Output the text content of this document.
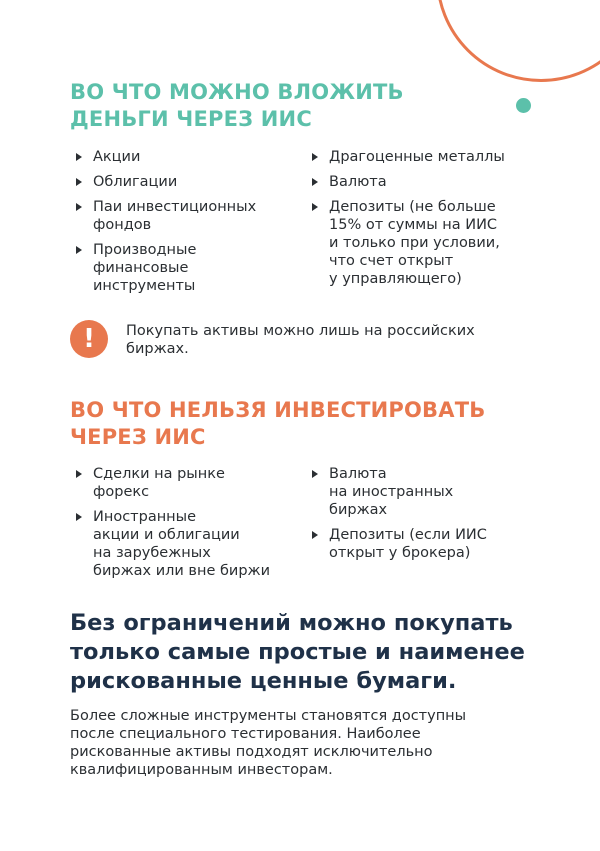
ВО ЧТО МОЖНО ВЛОЖИТЬ
ДЕНЬГИ ЧЕРЕЗ ИИС
Акции
Облигации
Паи инвестиционных
фондов
Производные
финансовые
инструменты
Драгоценные металлы
Валюта
Депозиты (не больше
15% от суммы на ИИС
и только при условии,
что счет открыт
у управляющего)
!	Покупать активы можно лишь на российских
биржах.

ВО ЧТО НЕЛЬЗЯ ИНВЕСТИРОВАТЬ
ЧЕРЕЗ ИИС
Сделки на рынке
форекс
Иностранные
акции и облигации
на зарубежных
биржах или вне биржи
Валюта
на иностранных
биржах
Депозиты (если ИИС
открыт у брокера)
Без ограничений можно покупать
только самые простые и наименее
рискованные ценные бумаги.

Более сложные инструменты становятся доступны
после специального тестирования. Наиболее
рискованные активы подходят исключительно
квалифицированным инвесторам.
